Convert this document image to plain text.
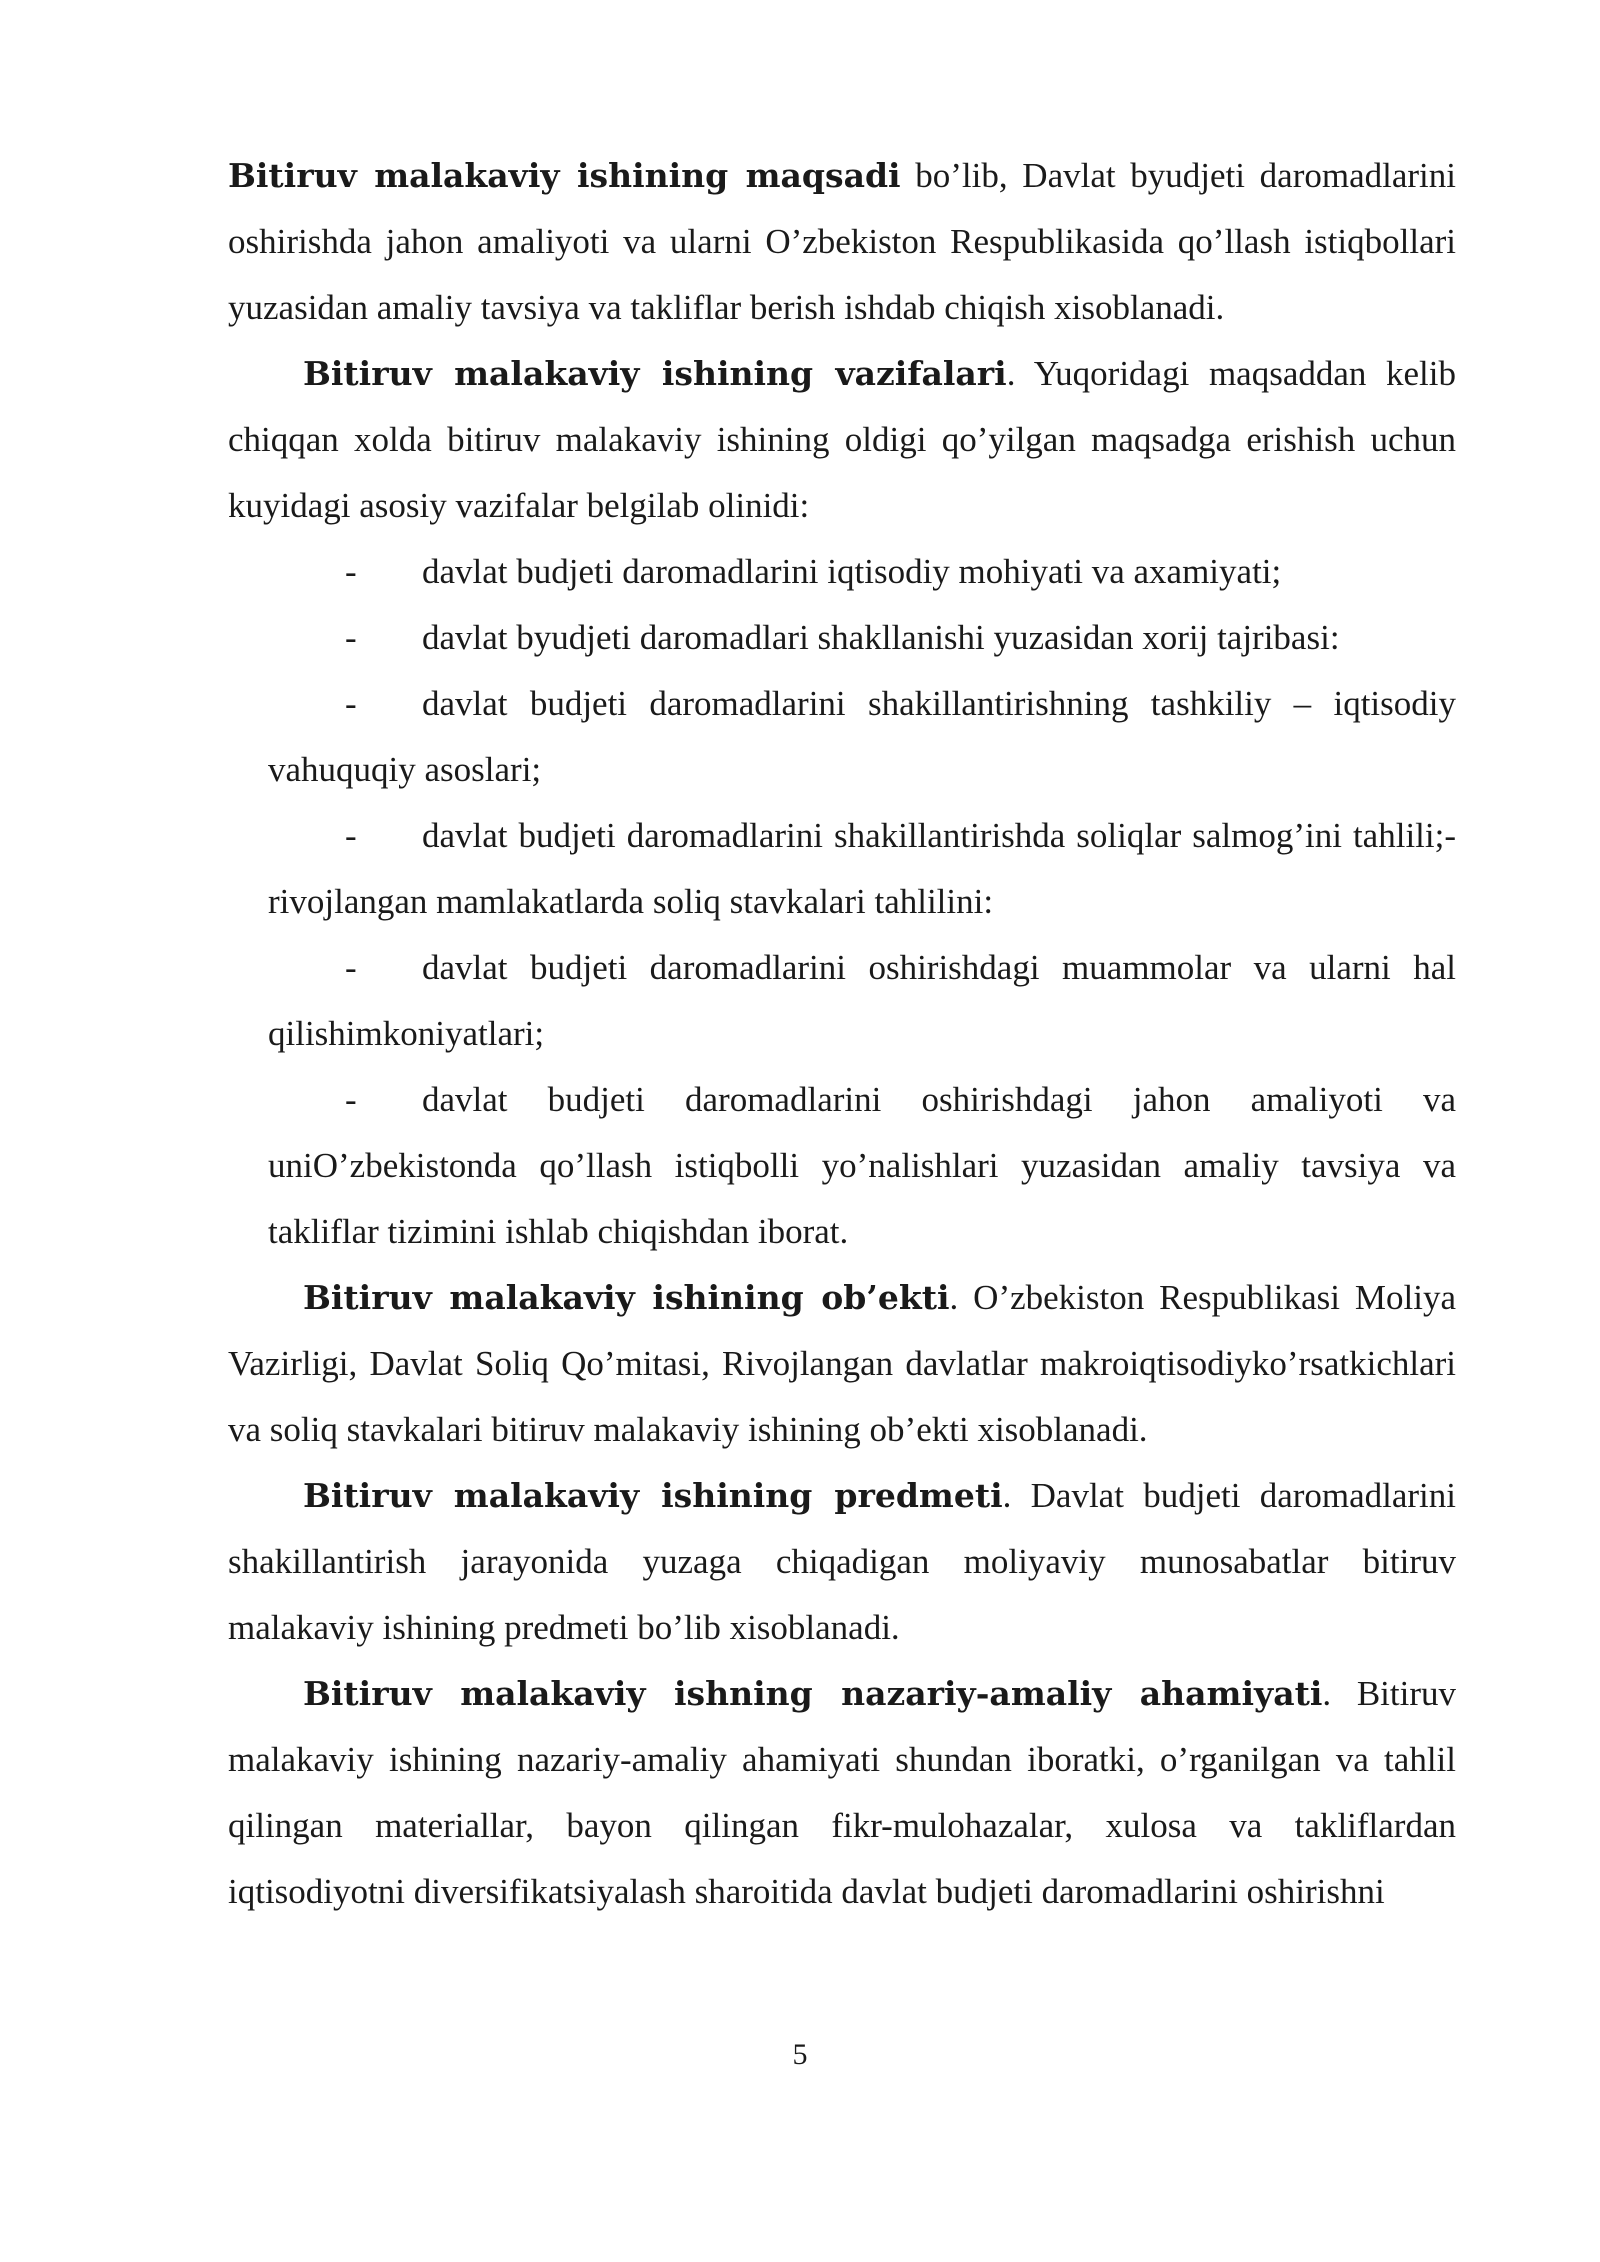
Bitiruv malakaviy ishining maqsadi bo’lib, Davlat byudjeti daromadlarini oshirishda jahon amaliyoti va ularni O’zbekiston Respublikasida qo’llash istiqbollari yuzasidan amaliy tavsiya va takliflar berish ishdab chiqish xisoblanadi.

Bitiruv malakaviy ishining vazifalari. Yuqoridagi maqsaddan kelib chiqqan xolda bitiruv malakaviy ishining oldigi qo’yilgan maqsadga erishish uchun kuyidagi asosiy vazifalar belgilab olinidi:

- davlat budjeti daromadlarini iqtisodiy mohiyati va axamiyati;

- davlat byudjeti daromadlari shakllanishi yuzasidan xorij tajribasi:

- davlat budjeti daromadlarini shakillantirishning tashkiliy – iqtisodiy vahuquqiy asoslari;

- davlat budjeti daromadlarini shakillantirishda soliqlar salmog’ini tahlili;- rivojlangan mamlakatlarda soliq stavkalari tahlilini:

- davlat budjeti daromadlarini oshirishdagi muammolar va ularni hal qilishimkoniyatlari;

- davlat budjeti daromadlarini oshirishdagi jahon amaliyoti va uniO’zbekistonda qo’llash istiqbolli yo’nalishlari yuzasidan amaliy tavsiya va takliflar tizimini ishlab chiqishdan iborat.

Bitiruv malakaviy ishining ob’ekti. O’zbekiston Respublikasi Moliya Vazirligi, Davlat Soliq Qo’mitasi, Rivojlangan davlatlar makroiqtisodiyko’rsatkichlari va soliq stavkalari bitiruv malakaviy ishining ob’ekti xisoblanadi.

Bitiruv malakaviy ishining predmeti. Davlat budjeti daromadlarini shakillantirish jarayonida yuzaga chiqadigan moliyaviy munosabatlar bitiruv malakaviy ishining predmeti bo’lib xisoblanadi.

Bitiruv malakaviy ishning nazariy-amaliy ahamiyati. Bitiruv malakaviy ishining nazariy-amaliy ahamiyati shundan iboratki, o’rganilgan va tahlil qilingan materiallar, bayon qilingan fikr-mulohazalar, xulosa va takliflardan iqtisodiyotni diversifikatsiyalash sharoitida davlat budjeti daromadlarini oshirishni

5
